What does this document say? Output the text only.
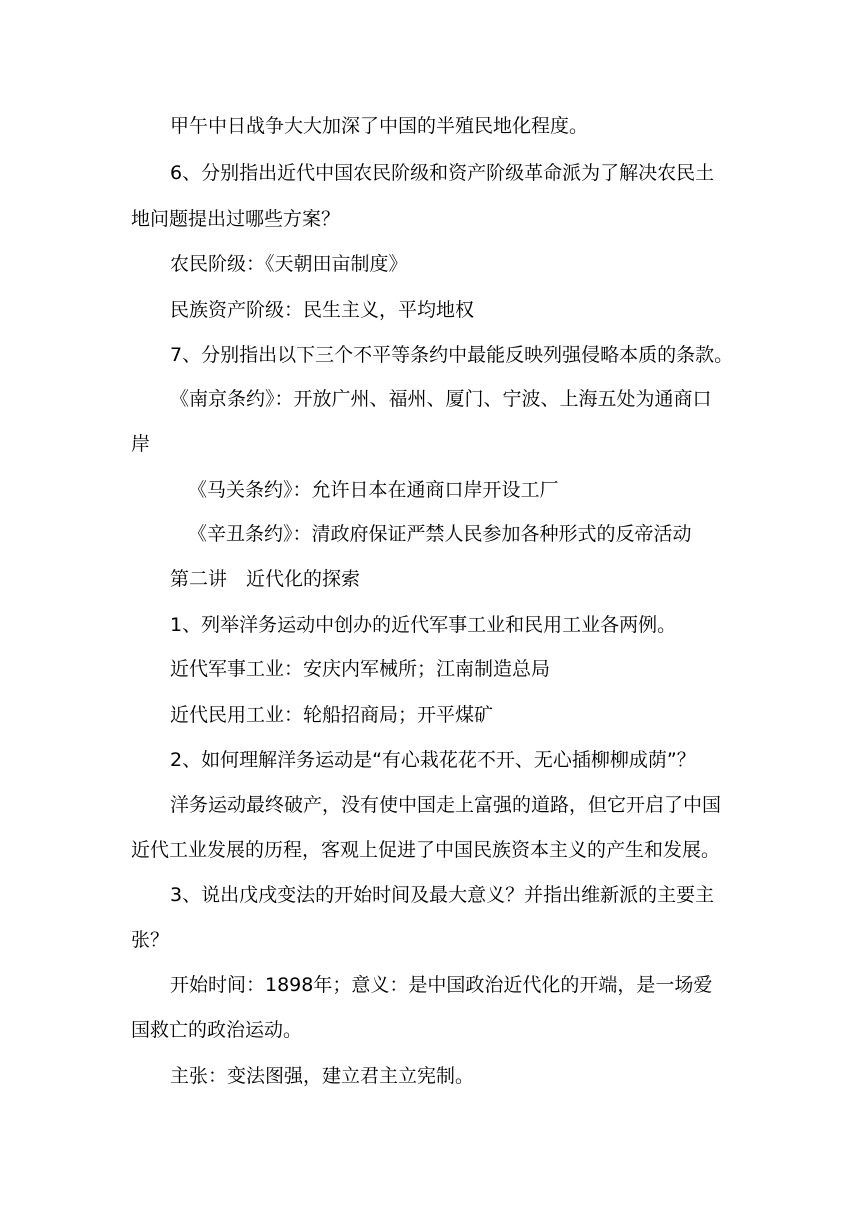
甲午中日战争大大加深了中国的半殖民地化程度。

6、分别指出近代中国农民阶级和资产阶级革命派为了解决农民土

地问题提出过哪些方案？

农民阶级：《天朝田亩制度》

民族资产阶级：民生主义，平均地权

7、分别指出以下三个不平等条约中最能反映列强侵略本质的条款。

《南京条约》：开放广州、福州、厦门、宁波、上海五处为通商口

岸

《马关条约》：允许日本在通商口岸开设工厂

《辛丑条约》：清政府保证严禁人民参加各种形式的反帝活动

第二讲　近代化的探索

1、列举洋务运动中创办的近代军事工业和民用工业各两例。

近代军事工业：安庆内军械所；江南制造总局

近代民用工业：轮船招商局；开平煤矿

2、如何理解洋务运动是“有心栽花花不开、无心插柳柳成荫”？

洋务运动最终破产，没有使中国走上富强的道路，但它开启了中国

近代工业发展的历程，客观上促进了中国民族资本主义的产生和发展。

3、说出戊戌变法的开始时间及最大意义？并指出维新派的主要主

张？

开始时间：1898年；意义：是中国政治近代化的开端，是一场爱

国救亡的政治运动。

主张：变法图强，建立君主立宪制。
